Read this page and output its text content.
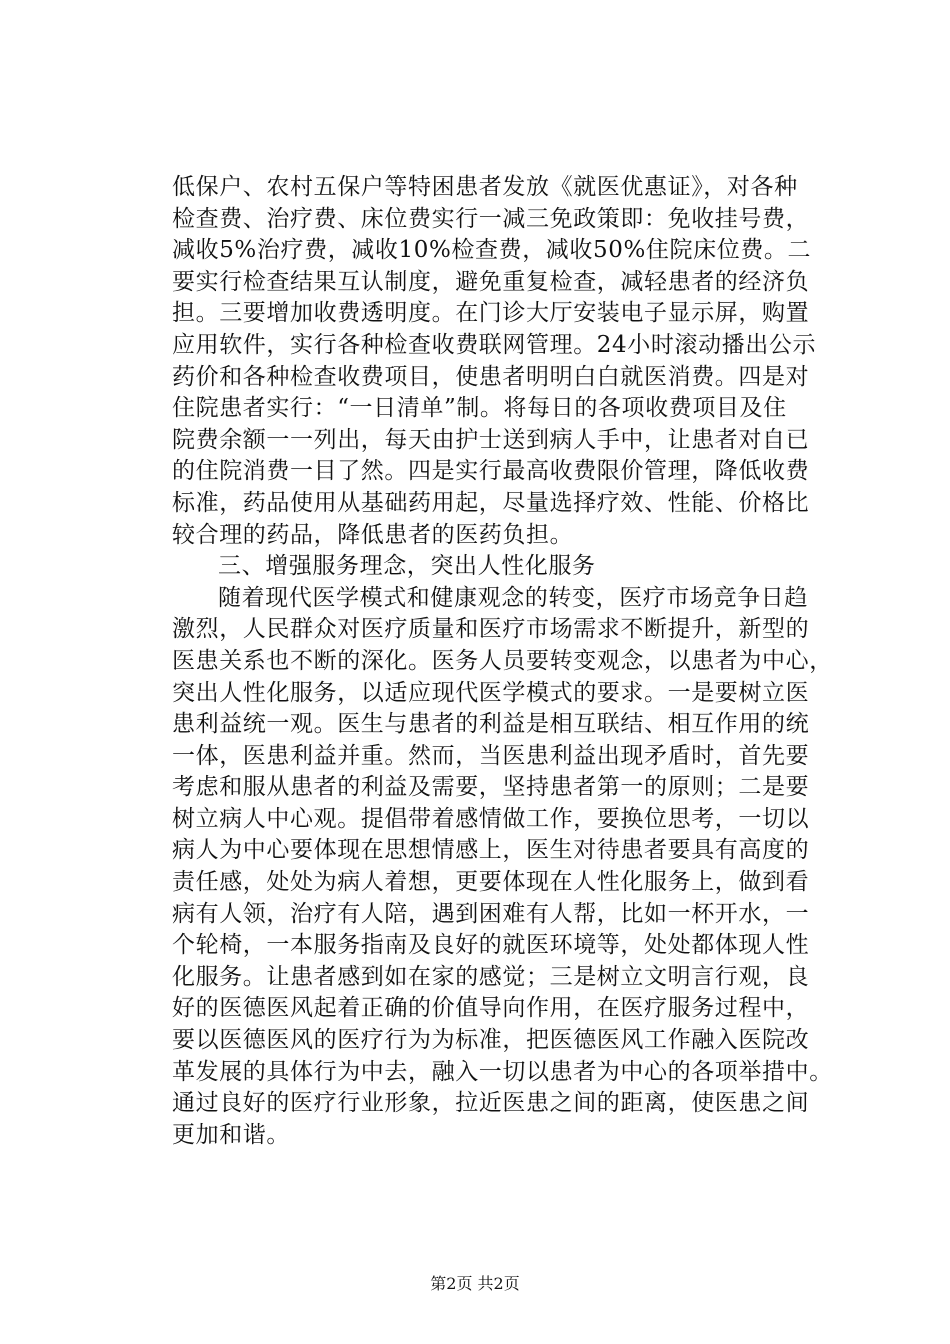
低保户、农村五保户等特困患者发放《就医优惠证》，对各种
检查费、治疗费、床位费实行一减三免政策即：免收挂号费，
减收5%治疗费，减收10%检查费，减收50%住院床位费。二
要实行检查结果互认制度，避免重复检查，减轻患者的经济负
担。三要增加收费透明度。在门诊大厅安装电子显示屏，购置
应用软件，实行各种检查收费联网管理。24小时滚动播出公示
药价和各种检查收费项目，使患者明明白白就医消费。四是对
住院患者实行：“一日清单”制。将每日的各项收费项目及住
院费余额一一列出，每天由护士送到病人手中，让患者对自已
的住院消费一目了然。四是实行最高收费限价管理，降低收费
标准，药品使用从基础药用起，尽量选择疗效、性能、价格比
较合理的药品，降低患者的医药负担。
三、增强服务理念，突出人性化服务
随着现代医学模式和健康观念的转变，医疗市场竞争日趋
激烈，人民群众对医疗质量和医疗市场需求不断提升，新型的
医患关系也不断的深化。医务人员要转变观念，以患者为中心，
突出人性化服务，以适应现代医学模式的要求。一是要树立医
患利益统一观。医生与患者的利益是相互联结、相互作用的统
一体，医患利益并重。然而，当医患利益出现矛盾时，首先要
考虑和服从患者的利益及需要，坚持患者第一的原则；二是要
树立病人中心观。提倡带着感情做工作，要换位思考，一切以
病人为中心要体现在思想情感上，医生对待患者要具有高度的
责任感，处处为病人着想，更要体现在人性化服务上，做到看
病有人领，治疗有人陪，遇到困难有人帮，比如一杯开水，一
个轮椅，一本服务指南及良好的就医环境等，处处都体现人性
化服务。让患者感到如在家的感觉；三是树立文明言行观，良
好的医德医风起着正确的价值导向作用，在医疗服务过程中，
要以医德医风的医疗行为为标准，把医德医风工作融入医院改
革发展的具体行为中去，融入一切以患者为中心的各项举措中。
通过良好的医疗行业形象，拉近医患之间的距离，使医患之间
更加和谐。
第2页 共2页
